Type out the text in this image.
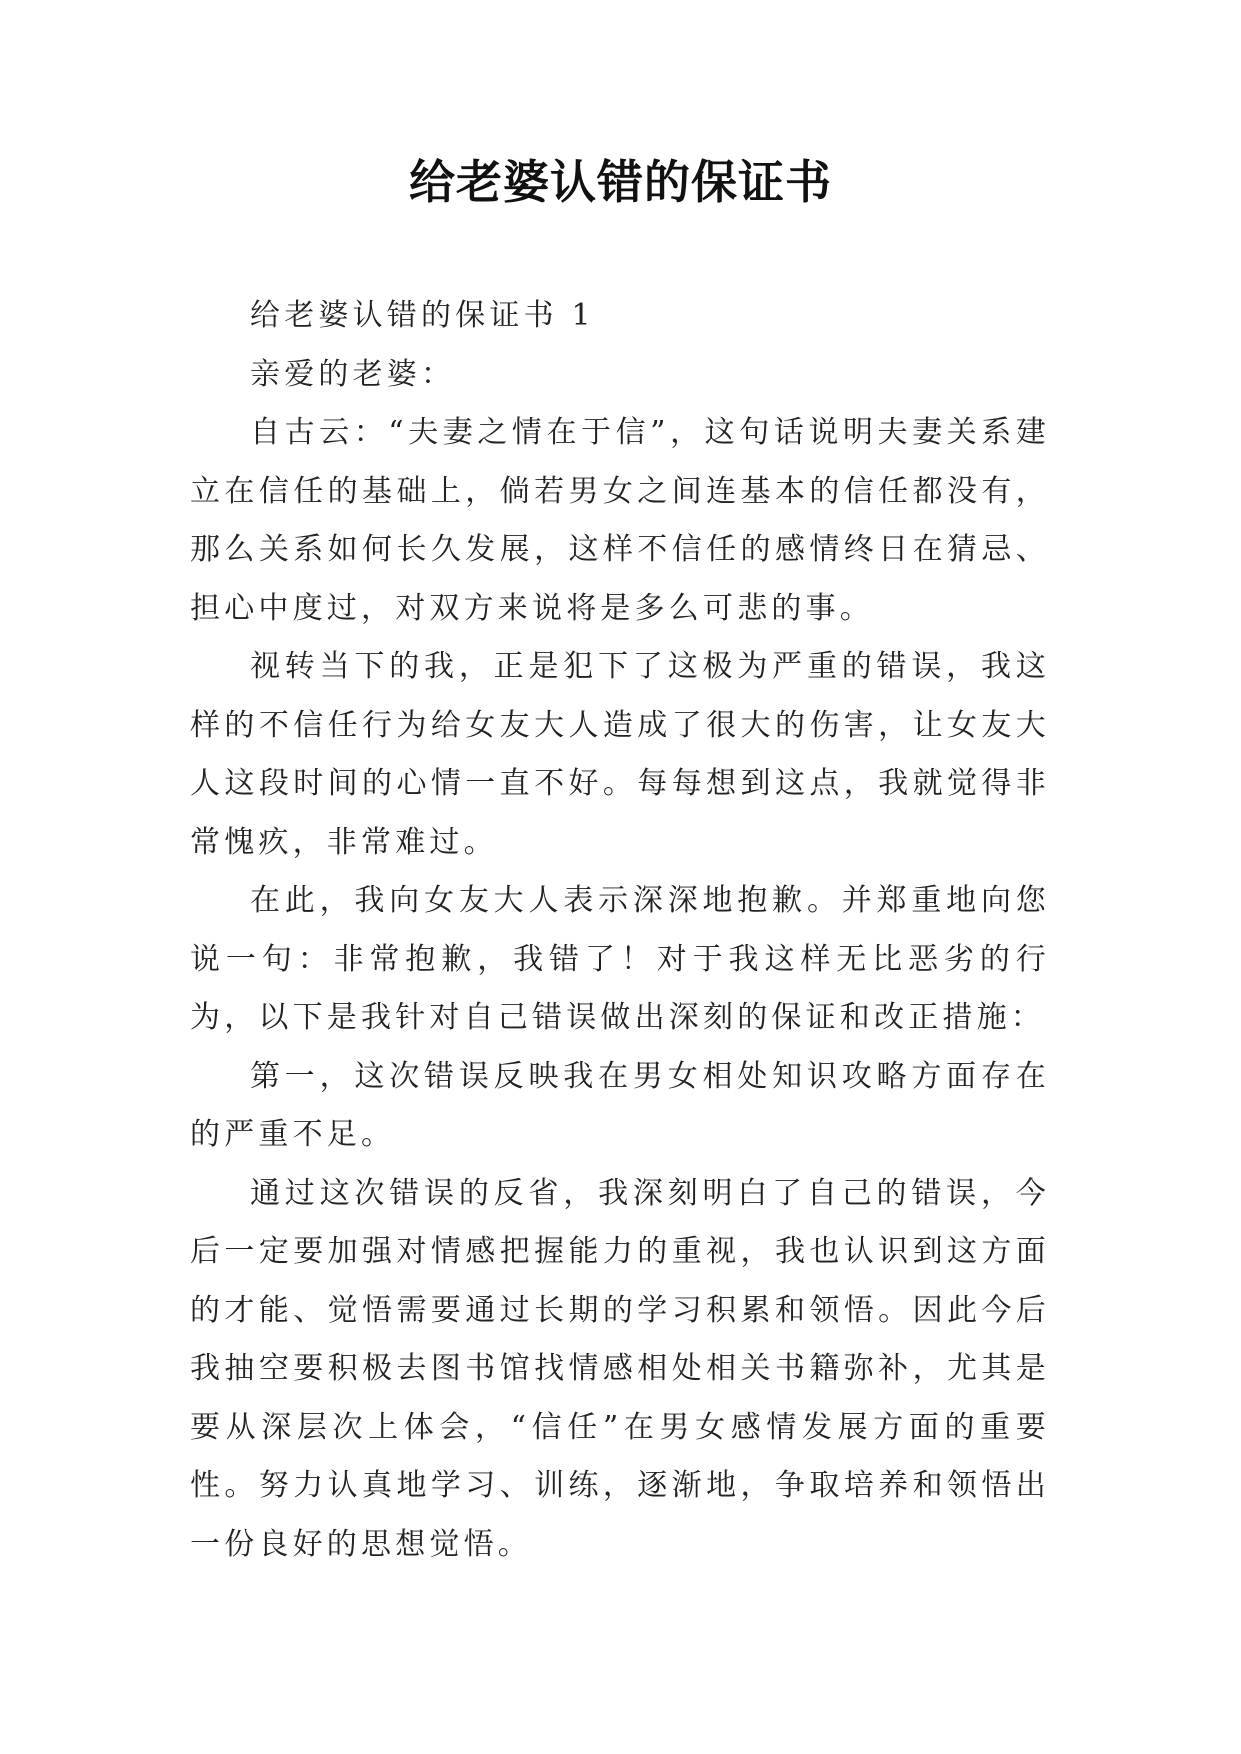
给老婆认错的保证书

给老婆认错的保证书 1

亲爱的老婆：

自古云：“夫妻之情在于信”，这句话说明夫妻关系建立在信任的基础上，倘若男女之间连基本的信任都没有，那么关系如何长久发展，这样不信任的感情终日在猜忌、担心中度过，对双方来说将是多么可悲的事。

视转当下的我，正是犯下了这极为严重的错误，我这样的不信任行为给女友大人造成了很大的伤害，让女友大人这段时间的心情一直不好。每每想到这点，我就觉得非常愧疚，非常难过。

在此，我向女友大人表示深深地抱歉。并郑重地向您说一句：非常抱歉，我错了！对于我这样无比恶劣的行为，以下是我针对自己错误做出深刻的保证和改正措施：

第一，这次错误反映我在男女相处知识攻略方面存在的严重不足。

通过这次错误的反省，我深刻明白了自己的错误，今后一定要加强对情感把握能力的重视，我也认识到这方面的才能、觉悟需要通过长期的学习积累和领悟。因此今后我抽空要积极去图书馆找情感相处相关书籍弥补，尤其是要从深层次上体会，“信任”在男女感情发展方面的重要性。努力认真地学习、训练，逐渐地，争取培养和领悟出一份良好的思想觉悟。
